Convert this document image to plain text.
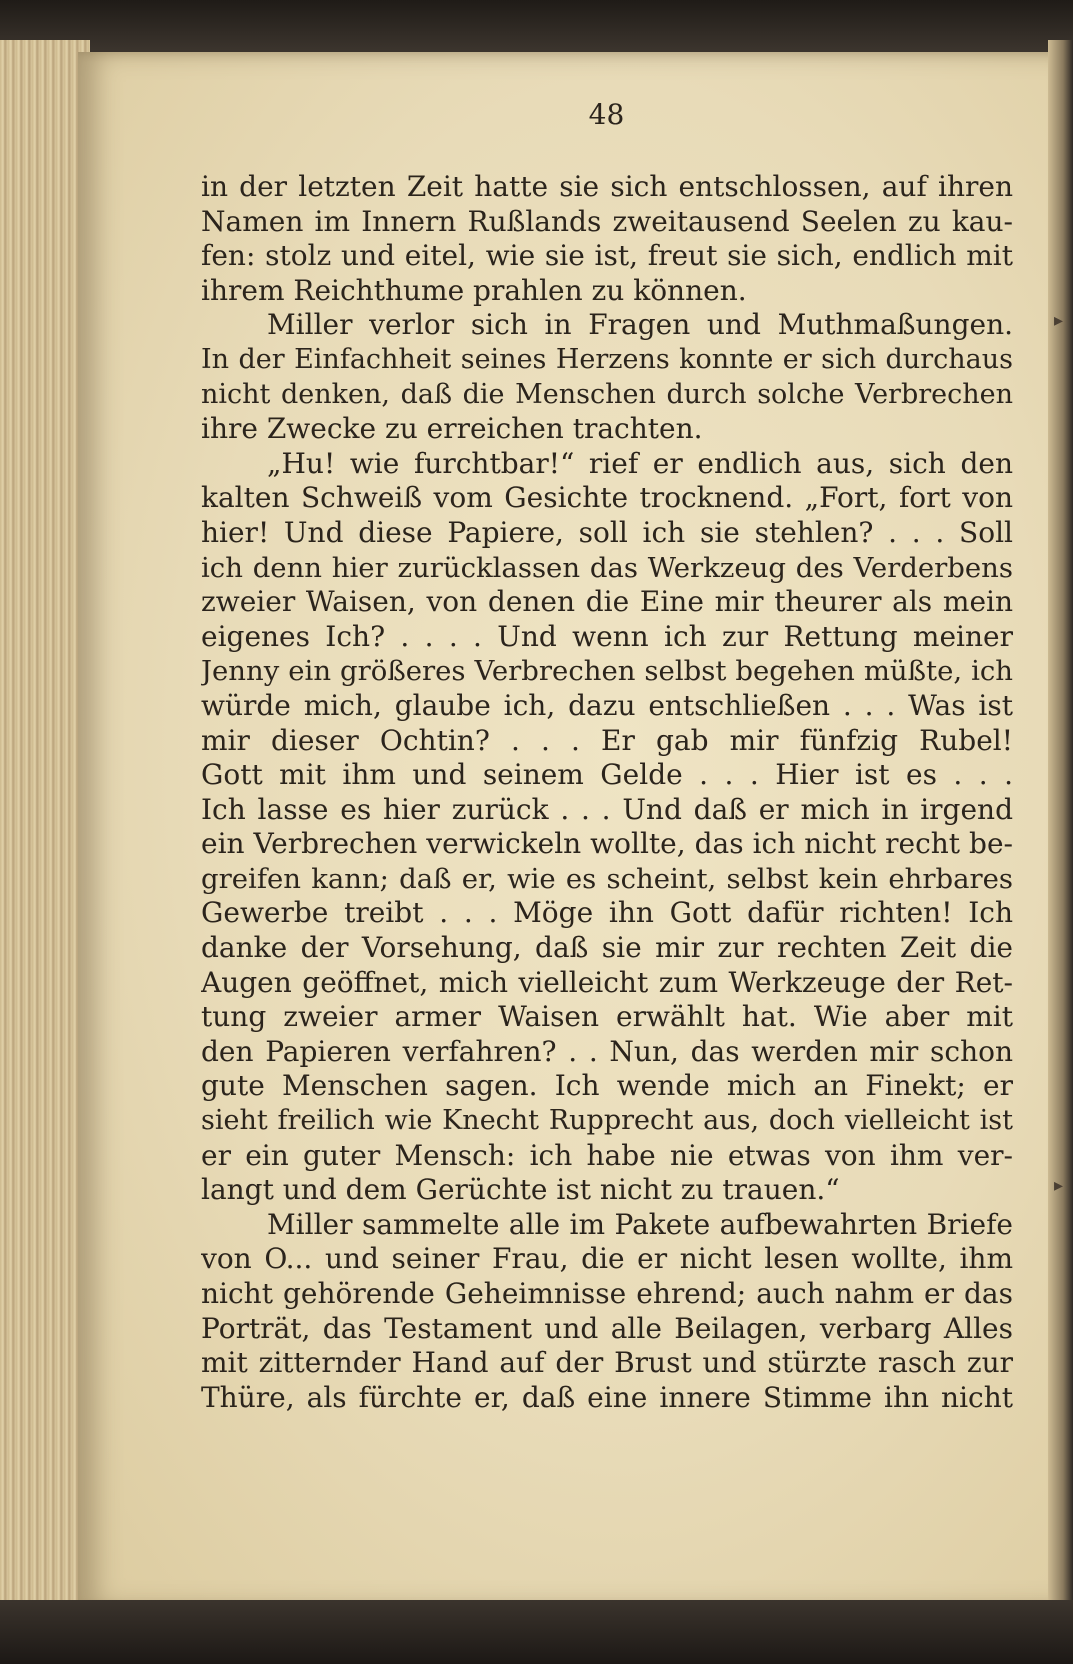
48
in der letzten Zeit hatte sie sich entschlossen, auf ihren
Namen im Innern Rußlands zweitausend Seelen zu kau-
fen: stolz und eitel, wie sie ist, freut sie sich, endlich mit
ihrem Reichthume prahlen zu können.
Miller verlor sich in Fragen und Muthmaßungen.
In der Einfachheit seines Herzens konnte er sich durchaus
nicht denken, daß die Menschen durch solche Verbrechen
ihre Zwecke zu erreichen trachten.
„Hu! wie furchtbar!“ rief er endlich aus, sich den
kalten Schweiß vom Gesichte trocknend. „Fort, fort von
hier! Und diese Papiere, soll ich sie stehlen? . . . Soll
ich denn hier zurücklassen das Werkzeug des Verderbens
zweier Waisen, von denen die Eine mir theurer als mein
eigenes Ich? . . . . Und wenn ich zur Rettung meiner
Jenny ein größeres Verbrechen selbst begehen müßte, ich
würde mich, glaube ich, dazu entschließen . . . Was ist
mir dieser Ochtin? . . . Er gab mir fünfzig Rubel!
Gott mit ihm und seinem Gelde . . . Hier ist es . . .
Ich lasse es hier zurück . . . Und daß er mich in irgend
ein Verbrechen verwickeln wollte, das ich nicht recht be-
greifen kann; daß er, wie es scheint, selbst kein ehrbares
Gewerbe treibt . . . Möge ihn Gott dafür richten! Ich
danke der Vorsehung, daß sie mir zur rechten Zeit die
Augen geöffnet, mich vielleicht zum Werkzeuge der Ret-
tung zweier armer Waisen erwählt hat. Wie aber mit
den Papieren verfahren? . . Nun, das werden mir schon
gute Menschen sagen. Ich wende mich an Finekt; er
sieht freilich wie Knecht Rupprecht aus, doch vielleicht ist
er ein guter Mensch: ich habe nie etwas von ihm ver-
langt und dem Gerüchte ist nicht zu trauen.“
Miller sammelte alle im Pakete aufbewahrten Briefe
von O... und seiner Frau, die er nicht lesen wollte, ihm
nicht gehörende Geheimnisse ehrend; auch nahm er das
Porträt, das Testament und alle Beilagen, verbarg Alles
mit zitternder Hand auf der Brust und stürzte rasch zur
Thüre, als fürchte er, daß eine innere Stimme ihn nicht
▸
▸
